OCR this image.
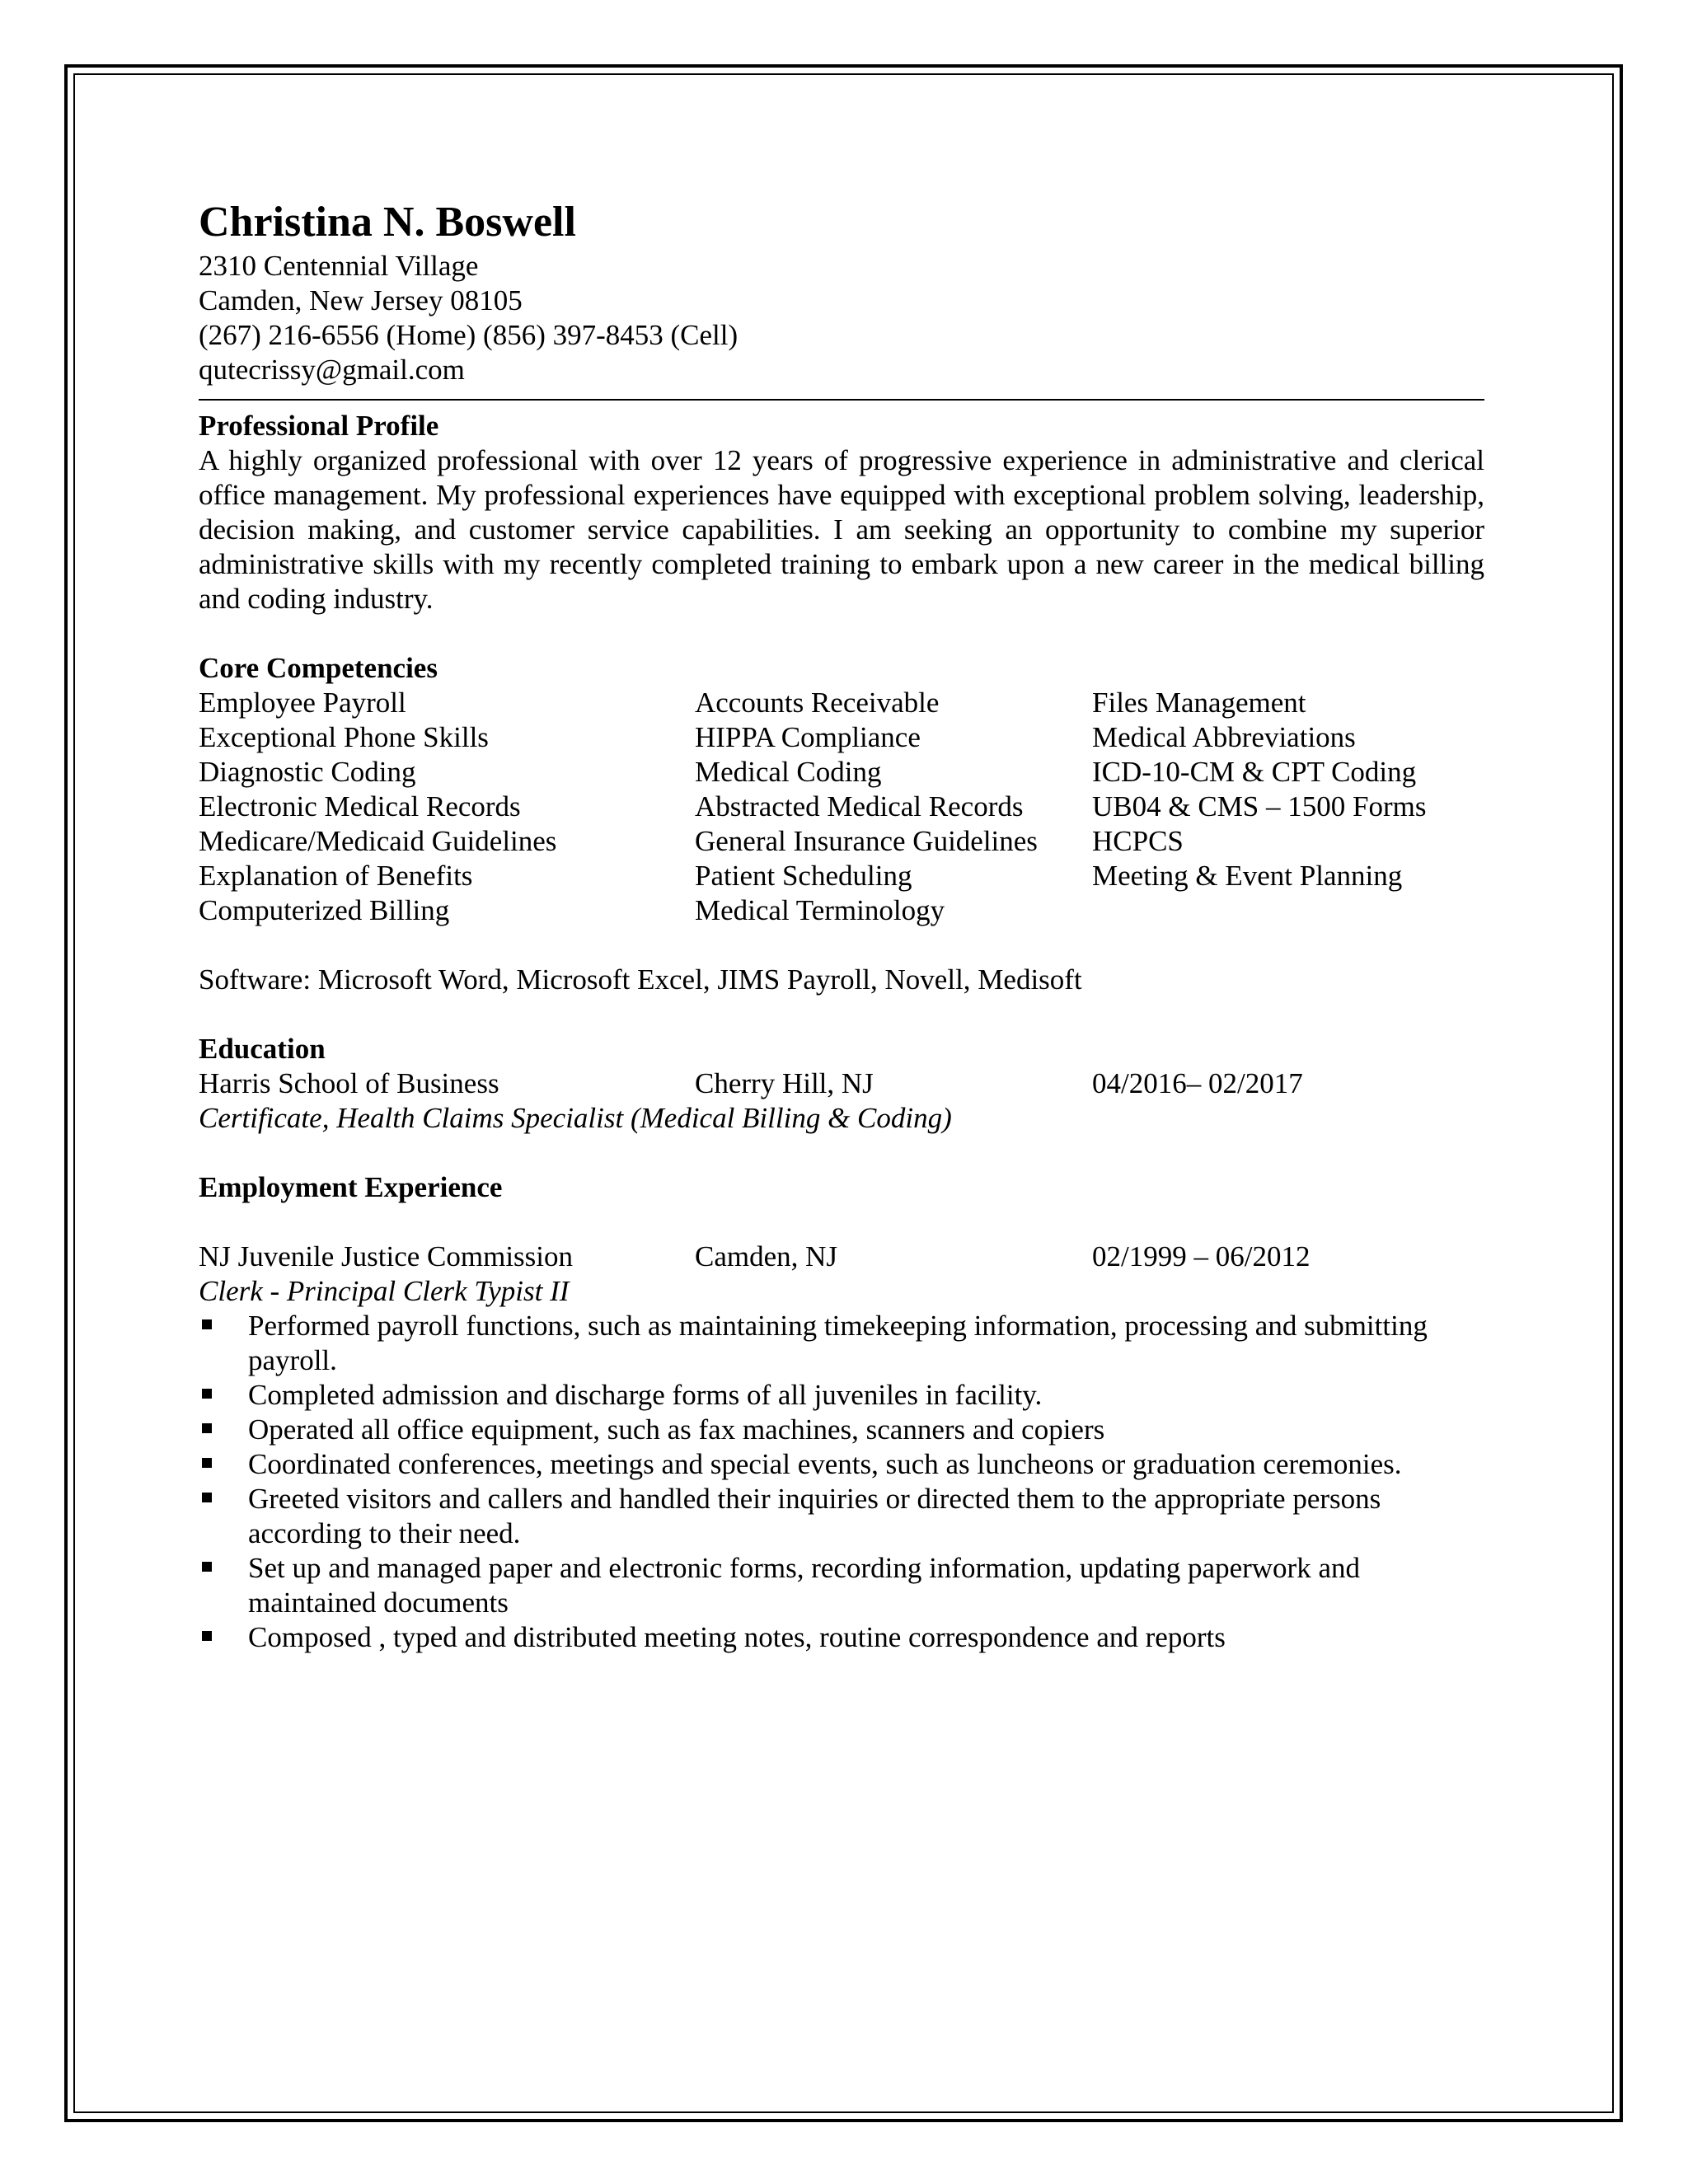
Christina N. Boswell
2310 Centennial Village
Camden, New Jersey 08105
(267) 216-6556 (Home) (856) 397-8453 (Cell)
qutecrissy@gmail.com
Professional Profile
A highly organized professional with over 12 years of progressive experience in administrative and clerical office management. My professional experiences have equipped with exceptional problem solving, leadership, decision making, and customer service capabilities. I am seeking an opportunity to combine my superior administrative skills with my recently completed training to embark upon a new career in the medical billing and coding industry.
Core Competencies
Employee Payroll	Accounts Receivable	Files Management
Exceptional Phone Skills	HIPPA Compliance	Medical Abbreviations
Diagnostic Coding	Medical Coding	ICD-10-CM & CPT Coding
Electronic Medical Records	Abstracted Medical Records	UB04 & CMS – 1500 Forms
Medicare/Medicaid Guidelines	General Insurance Guidelines	HCPCS
Explanation of Benefits	Patient Scheduling	Meeting & Event Planning
Computerized Billing	Medical Terminology
Software: Microsoft Word, Microsoft Excel, JIMS Payroll, Novell, Medisoft
Education
Harris School of Business	Cherry Hill, NJ	04/2016– 02/2017
Certificate, Health Claims Specialist (Medical Billing & Coding)
Employment Experience
NJ Juvenile Justice Commission	Camden, NJ	02/1999 – 06/2012
Clerk - Principal Clerk Typist II
Performed payroll functions, such as maintaining timekeeping information, processing and submitting payroll.
Completed admission and discharge forms of all juveniles in facility.
Operated all office equipment, such as fax machines, scanners and copiers
Coordinated conferences, meetings and special events, such as luncheons or graduation ceremonies.
Greeted visitors and callers and handled their inquiries or directed them to the appropriate persons according to their need.
Set up and managed paper and electronic forms, recording information, updating paperwork and maintained documents
Composed , typed and distributed meeting notes, routine correspondence and reports
